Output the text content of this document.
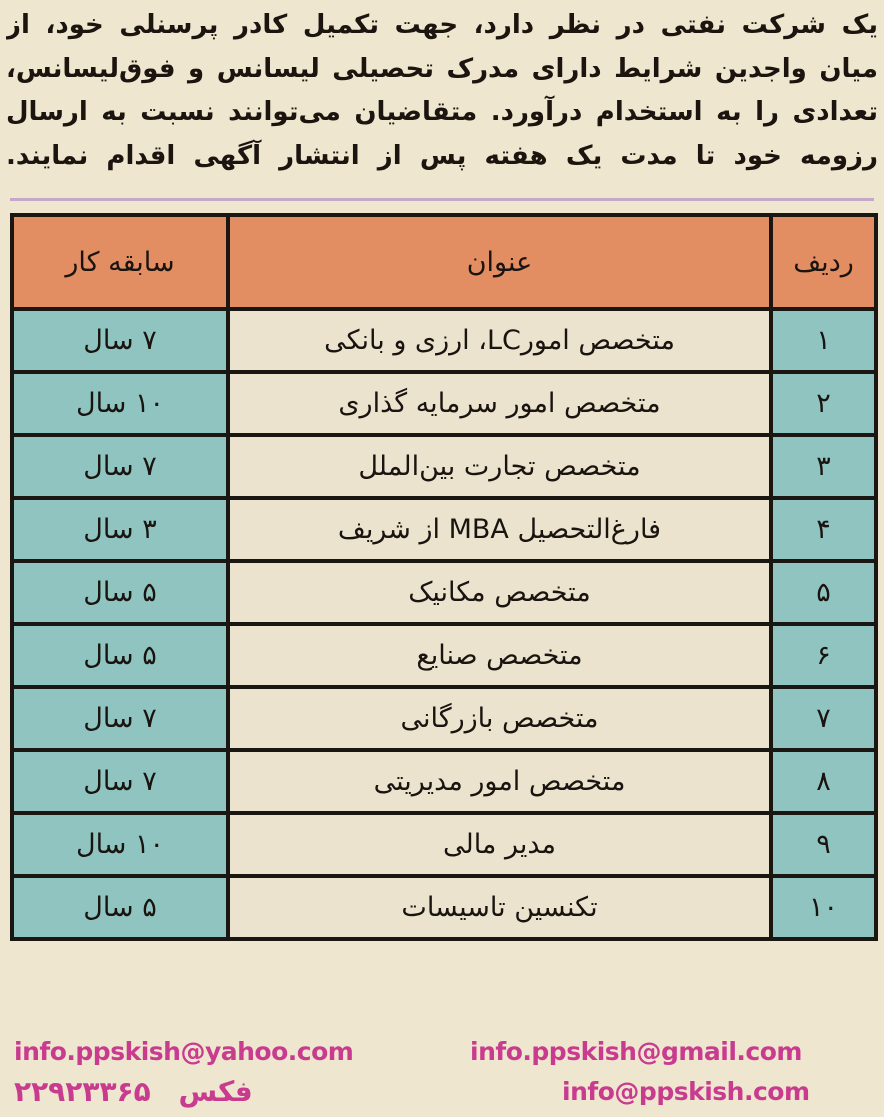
یک شرکت نفتی در نظر دارد، جهت تکمیل کادر پرسنلی خود، از
میان واجدین شرایط دارای مدرک تحصیلی لیسانس و فوق‌لیسانس،
تعدادی را به استخدام درآورد. متقاضیان می‌توانند نسبت به ارسال
رزومه خود تا مدت یک هفته پس از انتشار آگهی اقدام نمایند.
ردیف	عنوان	سابقه کار
۱	متخصص امورLC، ارزی و بانکی	۷ سال
۲	متخصص امور سرمایه گذاری	۱۰ سال
۳	متخصص تجارت بین‌الملل	۷ سال
۴	فارغ‌التحصیل MBA از شریف	۳ سال
۵	متخصص مکانیک	۵ سال
۶	متخصص صنایع	۵ سال
۷	متخصص بازرگانی	۷ سال
۸	متخصص امور مدیریتی	۷ سال
۹	مدیر مالی	۱۰ سال
۱۰	تکنسین تاسیسات	۵ سال
info.ppskish@yahoo.com	info.ppskish@gmail.com
فکس ۲۲۹۲۳۳۶۵	info@ppskish.com
